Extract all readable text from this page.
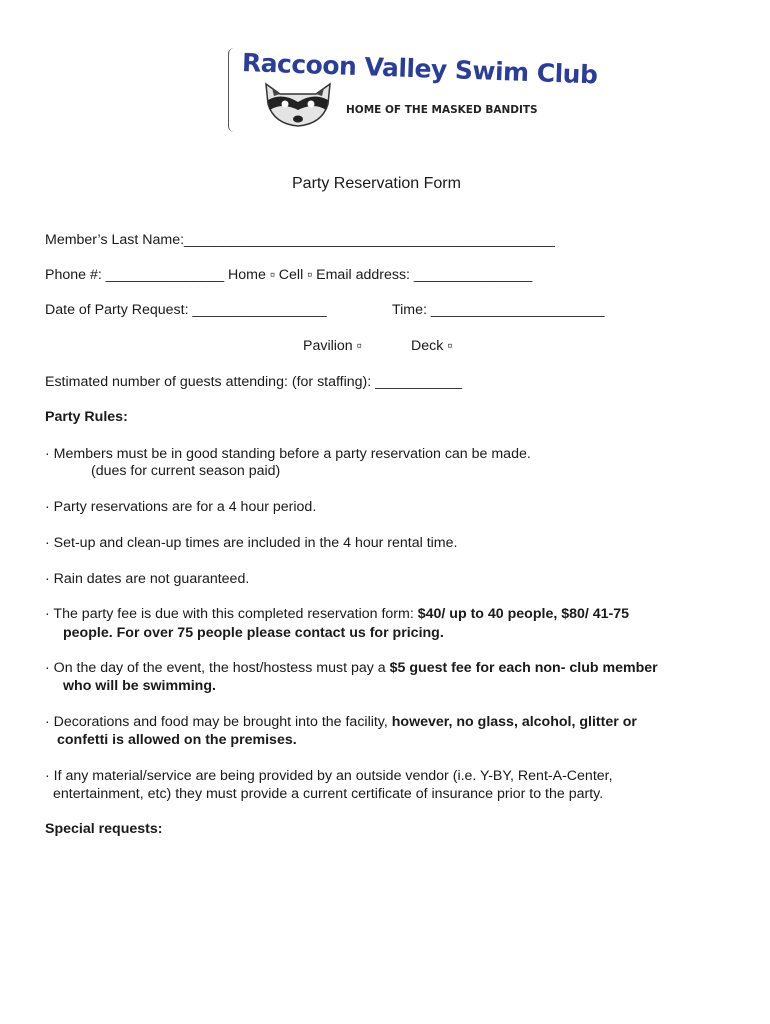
Raccoon Valley Swim Club
HOME OF THE MASKED BANDITS
Party Reservation Form
Member’s Last Name:_______________________________________________
Phone #: _______________ Home ▫ Cell ▫ Email address: _______________
Date of Party Request: _________________	Time: ______________________
Pavilion ▫	Deck ▫
Estimated number of guests attending: (for staffing): ___________
Party Rules:
· Members must be in good standing before a party reservation can be made.
(dues for current season paid)
· Party reservations are for a 4 hour period.
· Set-up and clean-up times are included in the 4 hour rental time.
· Rain dates are not guaranteed.
· The party fee is due with this completed reservation form: $40/ up to 40 people, $80/ 41-75
people. For over 75 people please contact us for pricing.
· On the day of the event, the host/hostess must pay a $5 guest fee for each non- club member
who will be swimming.
· Decorations and food may be brought into the facility, however, no glass, alcohol, glitter or
confetti is allowed on the premises.
· If any material/service are being provided by an outside vendor (i.e. Y-BY, Rent-A-Center,
entertainment, etc) they must provide a current certificate of insurance prior to the party.
Special requests:
